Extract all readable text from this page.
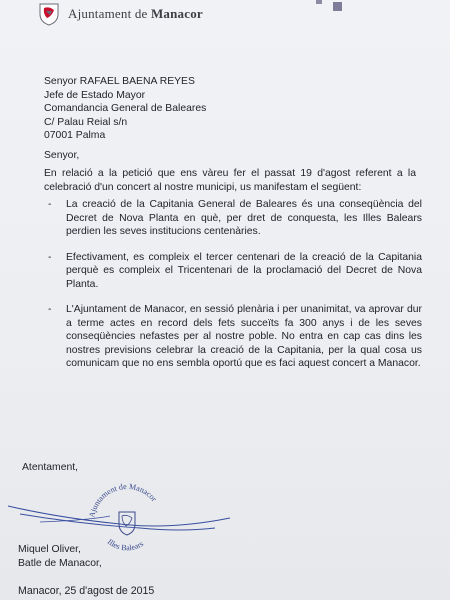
Ajuntament de Manacor
Senyor RAFAEL BAENA REYES
Jefe de Estado Mayor
Comandancia General de Baleares
C/ Palau Reial s/n
07001 Palma
Senyor,
En relació a la petició que ens vàreu fer el passat 19 d'agost referent a la celebració d'un concert al nostre municipi, us manifestam el següent:
-	La creació de la Capitania General de Baleares és una conseqüència del Decret de Nova Planta en què, per dret de conquesta, les Illes Balears perdien les seves institucions centenàries.
-	Efectivament, es compleix el tercer centenari de la creació de la Capitania perquè es compleix el Tricentenari de la proclamació del Decret de Nova Planta.
-	L'Ajuntament de Manacor, en sessió plenària i per unanimitat, va aprovar dur a terme actes en record dels fets succeïts fa 300 anys i de les seves conseqüències nefastes per al nostre poble. No entra en cap cas dins les nostres previsions celebrar la creació de la Capitania, per la qual cosa us comunicam que no ens sembla oportú que es faci aquest concert a Manacor.
Atentament,
Ajuntament de Manacor
Illes Balears
Miquel Oliver,
Batle de Manacor,
Manacor, 25 d'agost de 2015
